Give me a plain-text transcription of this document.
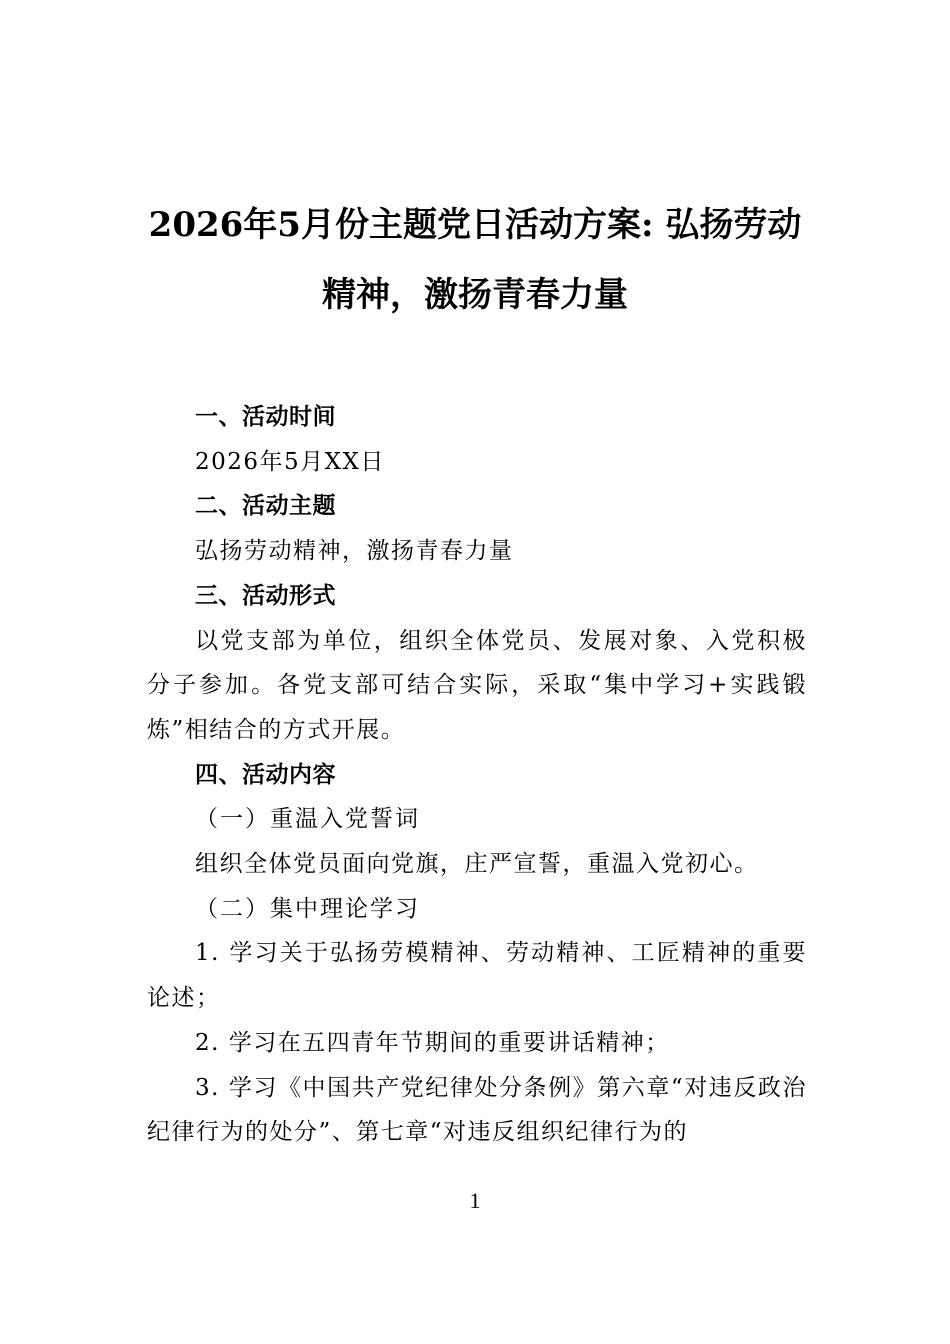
2026年5月份主题党日活动方案: 弘扬劳动
精神，激扬青春力量

一、活动时间

2026年5月XX日

二、活动主题

弘扬劳动精神，激扬青春力量

三、活动形式

以党支部为单位，组织全体党员、发展对象、入党积极分子参加。各党支部可结合实际，采取“集中学习+实践锻炼”相结合的方式开展。

四、活动内容

（一）重温入党誓词

组织全体党员面向党旗，庄严宣誓，重温入党初心。

（二）集中理论学习

1. 学习关于弘扬劳模精神、劳动精神、工匠精神的重要论述；

2. 学习在五四青年节期间的重要讲话精神；

3. 学习《中国共产党纪律处分条例》第六章“对违反政治纪律行为的处分”、第七章“对违反组织纪律行为的

1
